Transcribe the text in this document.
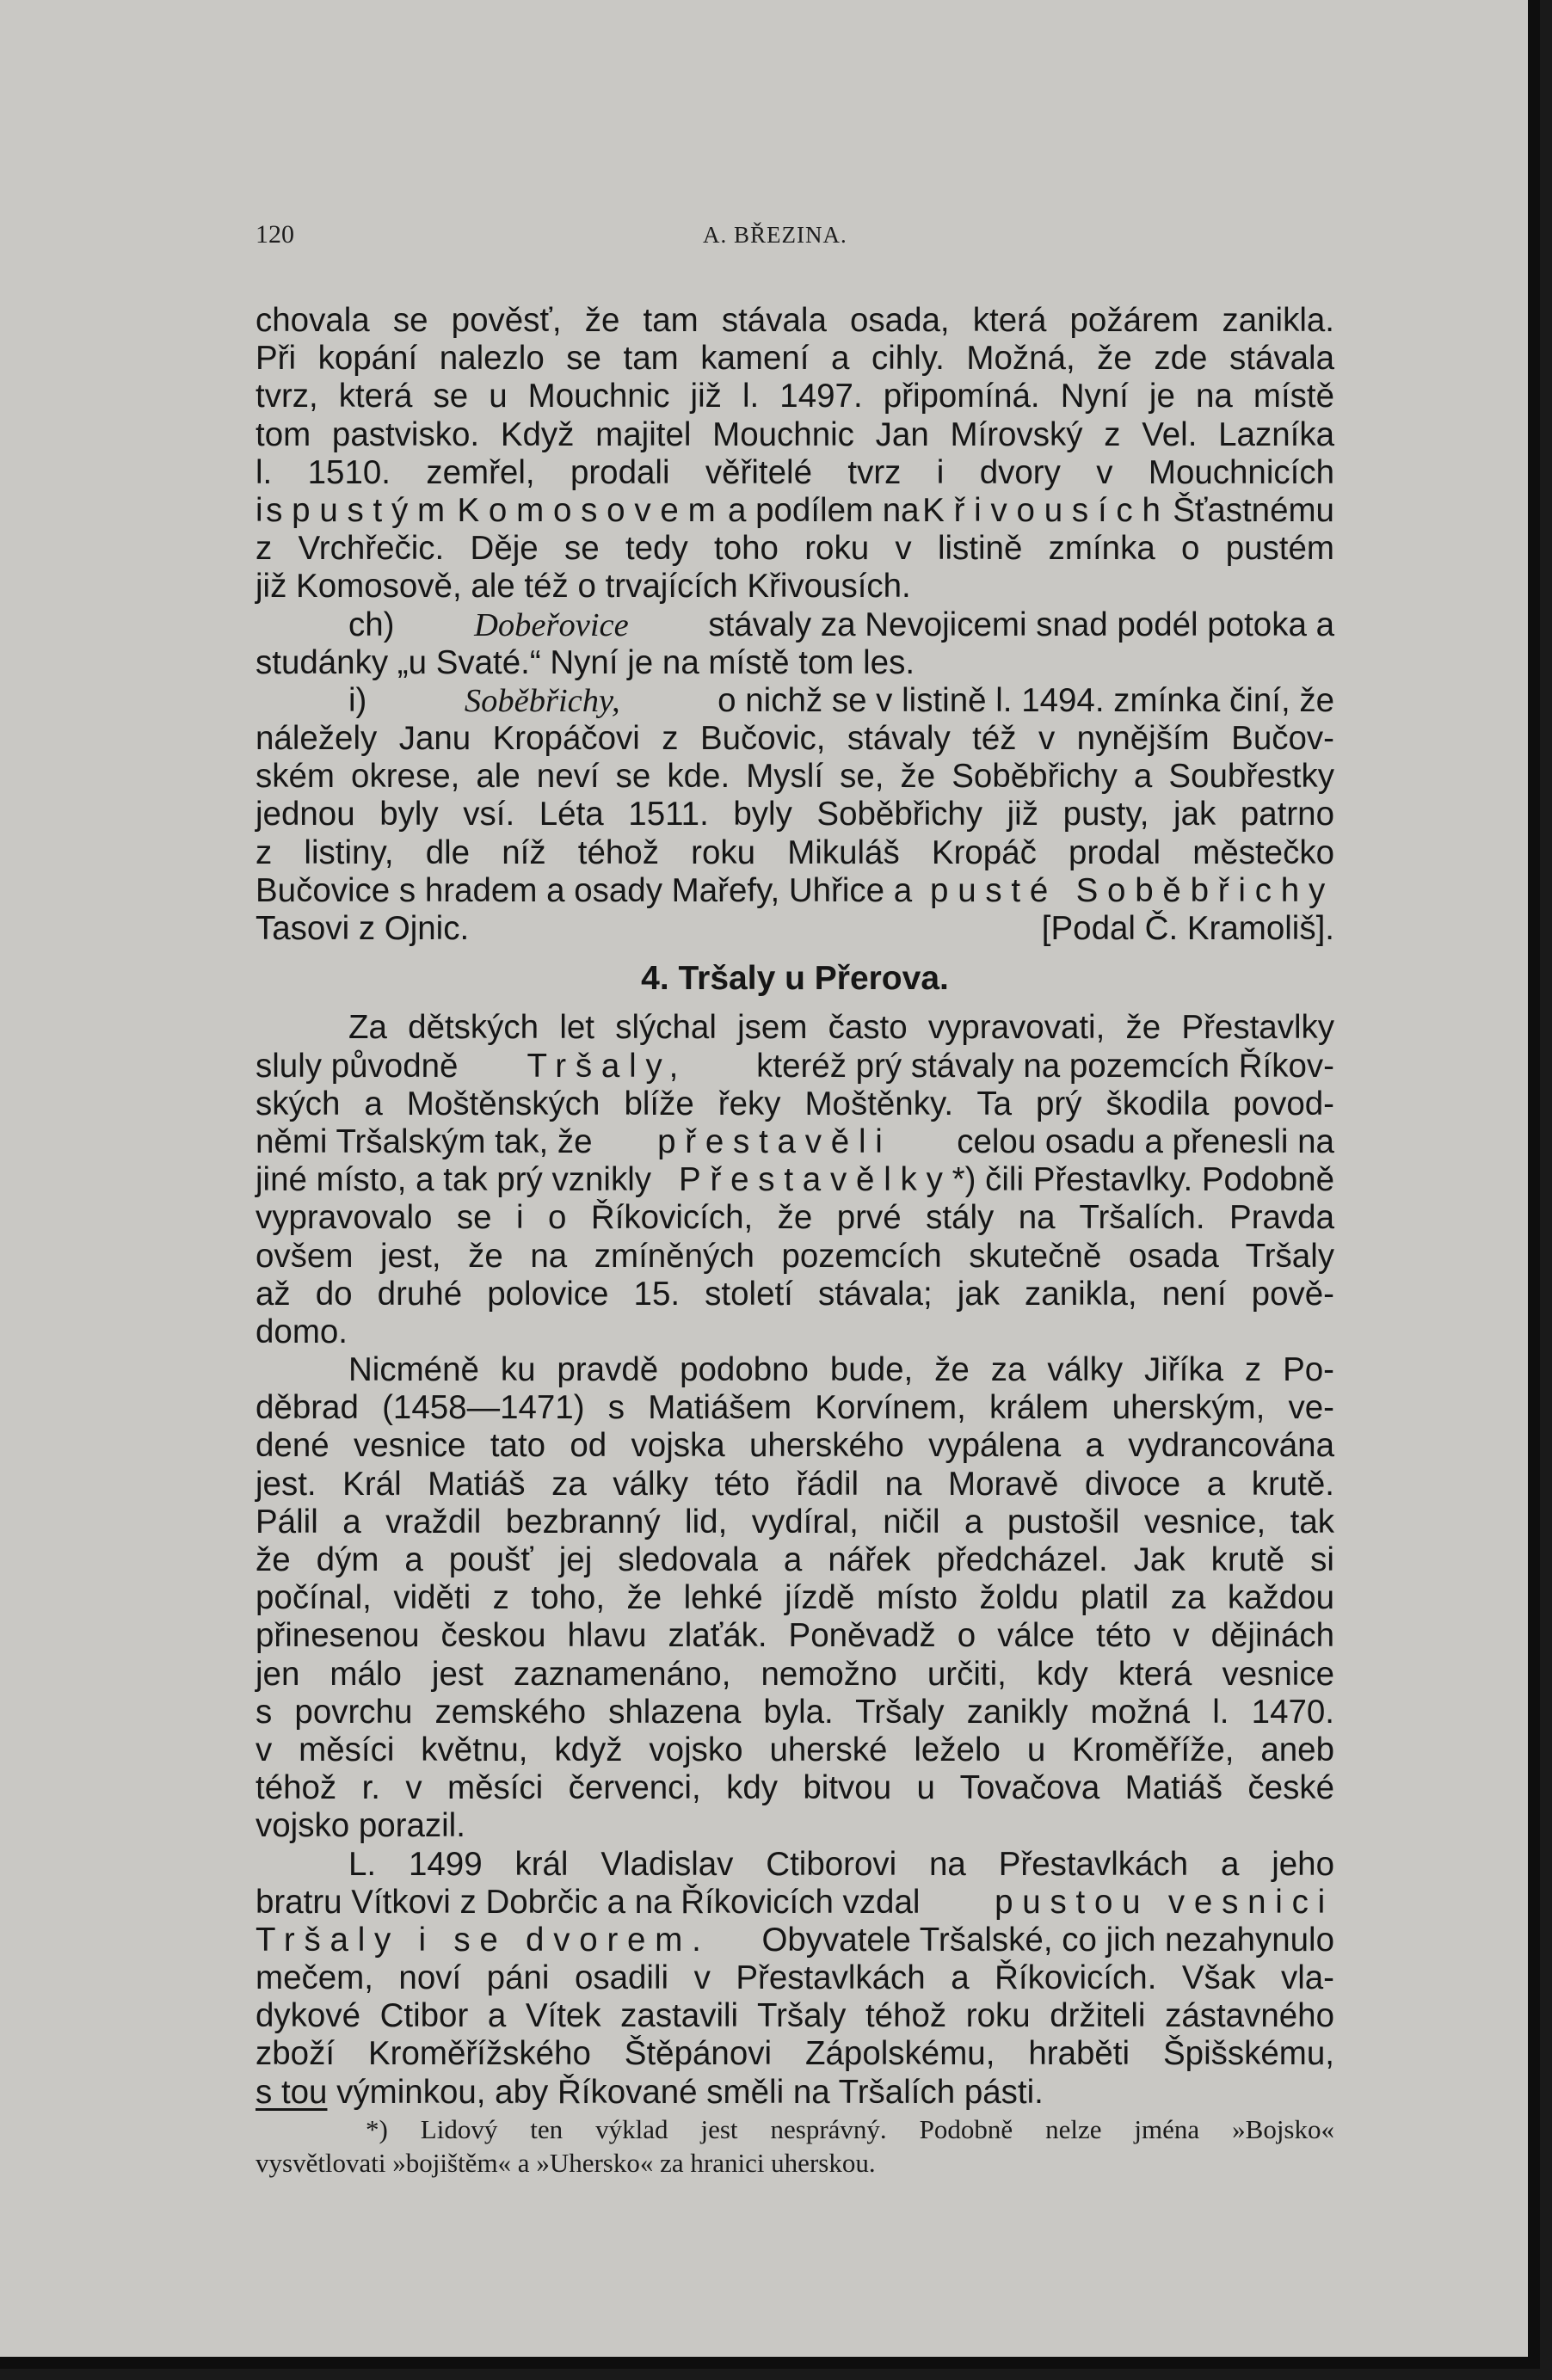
120	A. BŘEZINA.
chovala se pověsť, že tam stávala osada, která požárem zanikla.
Při kopání nalezlo se tam kamení a cihly. Možná, že zde stávala
tvrz, která se u Mouchnic již l. 1497. připomíná. Nyní je na místě
tom pastvisko. Když majitel Mouchnic Jan Mírovský z Vel. Lazníka
l. 1510. zemřel, prodali věřitelé tvrz i dvory v Mouchnicích
i spustým Komosovem a podílem na Křivousích Šťastnému
z Vrchřečic. Děje se tedy toho roku v listině zmínka o pustém
již Komosově, ale též o trvajících Křivousích.
ch) Dobeřovice stávaly za Nevojicemi snad podél potoka a
studánky „u Svaté.“ Nyní je na místě tom les.
i)	Soběbřichy,	o nichž se v listině l. 1494. zmínka činí, že
náležely Janu Kropáčovi z Bučovic, stávaly též v nynějším Bučov-
ském okrese, ale neví se kde. Myslí se, že Soběbřichy a Soubřestky
jednou byly vsí. Léta 1511. byly Soběbřichy již pusty, jak patrno
z listiny, dle níž téhož roku Mikuláš Kropáč prodal městečko
Bučovice s hradem a osady Mařefy, Uhřice a pusté Soběbřichy
Tasovi z Ojnic.	[Podal Č. Kramoliš].
4. Tršaly u Přerova.
Za dětských let slýchal jsem často vypravovati, že Přestavlky
sluly původně Tršaly, kteréž prý stávaly na pozemcích Říkov-
ských a Moštěnských blíže řeky Moštěnky. Ta prý škodila povod-
němi Tršalským tak, že přestavěli celou osadu a přenesli na
jiné místo, a tak prý vznikly Přestavělky*) čili Přestavlky. Podobně
vypravovalo se i o Říkovicích, že prvé stály na Tršalích. Pravda
ovšem jest, že na zmíněných pozemcích skutečně osada Tršaly
až do druhé polovice 15. století stávala; jak zanikla, není pově-
domo.
Nicméně ku pravdě podobno bude, že za války Jiříka z Po-
děbrad (1458—1471) s Matiášem Korvínem, králem uherským, ve-
dené vesnice tato od vojska uherského vypálena a vydrancována
jest. Král Matiáš za války této řádil na Moravě divoce a krutě.
Pálil a vraždil bezbranný lid, vydíral, ničil a pustošil vesnice, tak
že dým a poušť jej sledovala a nářek předcházel. Jak krutě si
počínal, viděti z toho, že lehké jízdě místo žoldu platil za každou
přinesenou českou hlavu zlaťák. Poněvadž o válce této v dějinách
jen málo jest zaznamenáno, nemožno určiti, kdy která vesnice
s povrchu zemského shlazena byla. Tršaly zanikly možná l. 1470.
v měsíci květnu, když vojsko uherské leželo u Kroměříže, aneb
téhož r. v měsíci červenci, kdy bitvou u Tovačova Matiáš české
vojsko porazil.
L. 1499 král Vladislav Ctiborovi na Přestavlkách a jeho
bratru Vítkovi z Dobrčic a na Říkovicích vzdal pustou vesnici
Tršaly i se dvorem. Obyvatele Tršalské, co jich nezahynulo
mečem, noví páni osadili v Přestavlkách a Říkovicích. Však vla-
dykové Ctibor a Vítek zastavili Tršaly téhož roku držiteli zástavného
zboží Kroměřížského Štěpánovi Zápolskému, hraběti Špišskému,
s tou výminkou, aby Říkované směli na Tršalích pásti.
*) Lidový ten výklad jest nesprávný. Podobně nelze jména »Bojsko«
vysvětlovati »bojištěm« a »Uhersko« za hranici uherskou.
